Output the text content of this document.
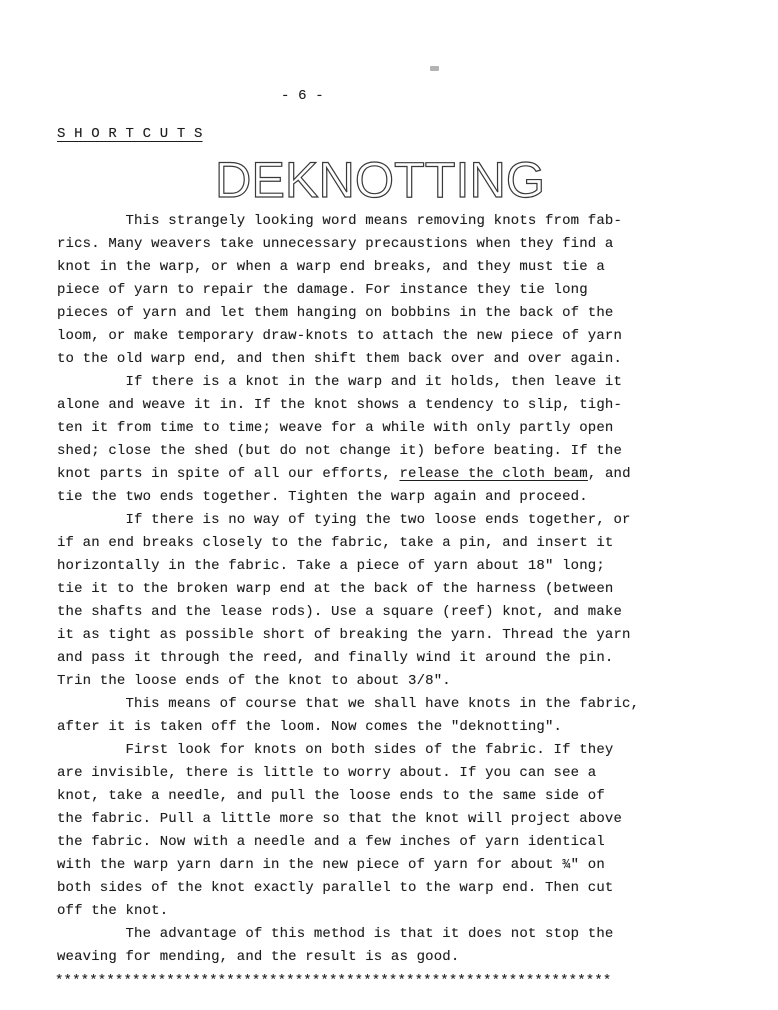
- 6 -
S H O R T C U T S
DEKNOTTING
This strangely looking word means removing knots from fab-
rics. Many weavers take unnecessary precaustions when they find a
knot in the warp, or when a warp end breaks, and they must tie a
piece of yarn to repair the damage. For instance they tie long
pieces of yarn and let them hanging on bobbins in the back of the
loom, or make temporary draw-knots to attach the new piece of yarn
to the old warp end, and then shift them back over and over again.
If there is a knot in the warp and it holds, then leave it
alone and weave it in. If the knot shows a tendency to slip, tigh-
ten it from time to time; weave for a while with only partly open
shed; close the shed (but do not change it) before beating. If the
knot parts in spite of all our efforts, release the cloth beam, and
tie the two ends together. Tighten the warp again and proceed.
If there is no way of tying the two loose ends together, or
if an end breaks closely to the fabric, take a pin, and insert it
horizontally in the fabric. Take a piece of yarn about 18" long;
tie it to the broken warp end at the back of the harness (between
the shafts and the lease rods). Use a square (reef) knot, and make
it as tight as possible short of breaking the yarn. Thread the yarn
and pass it through the reed, and finally wind it around the pin.
Trin the loose ends of the knot to about 3/8".
This means of course that we shall have knots in the fabric,
after it is taken off the loom. Now comes the "deknotting".
First look for knots on both sides of the fabric. If they
are invisible, there is little to worry about. If you can see a
knot, take a needle, and pull the loose ends to the same side of
the fabric. Pull a little more so that the knot will project above
the fabric. Now with a needle and a few inches of yarn identical
with the warp yarn darn in the new piece of yarn for about ¾" on
both sides of the knot exactly parallel to the warp end. Then cut
off the knot.
The advantage of this method is that it does not stop the
weaving for mending, and the result is as good.
*****************************************************************
